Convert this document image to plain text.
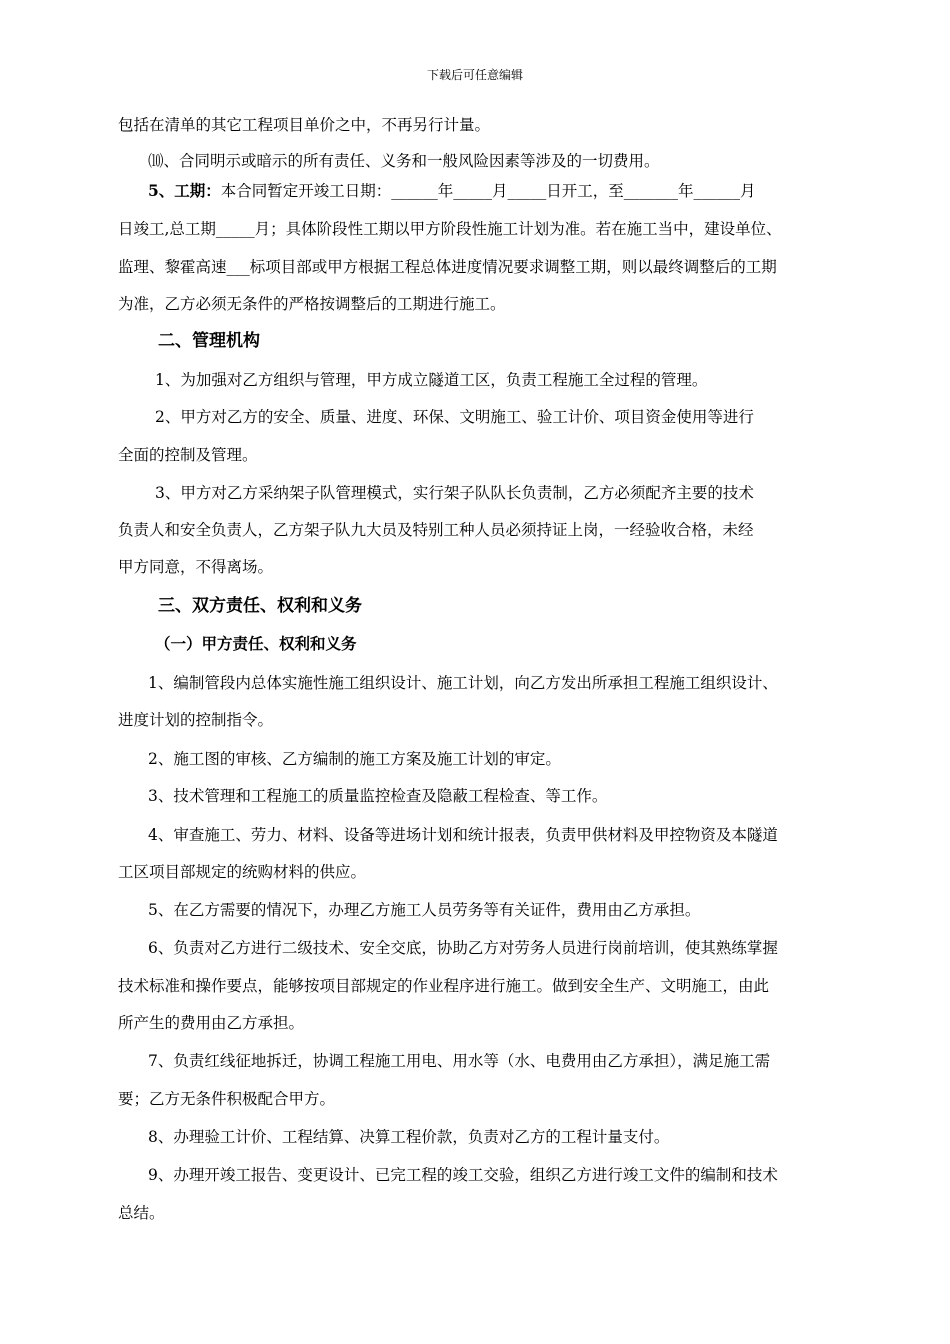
下载后可任意编辑
包括在清单的其它工程项目单价之中，不再另行计量。
⑽、合同明示或暗示的所有责任、义务和一般风险因素等涉及的一切费用。
5、工期：本合同暂定开竣工日期：______年_____月_____日开工，至_______年______月
日竣工,总工期_____月；具体阶段性工期以甲方阶段性施工计划为准。若在施工当中，建设单位、
监理、黎霍高速___标项目部或甲方根据工程总体进度情况要求调整工期，则以最终调整后的工期
为准，乙方必须无条件的严格按调整后的工期进行施工。
二、管理机构
1、为加强对乙方组织与管理，甲方成立隧道工区，负责工程施工全过程的管理。
2、甲方对乙方的安全、质量、进度、环保、文明施工、验工计价、项目资金使用等进行
全面的控制及管理。
3、甲方对乙方采纳架子队管理模式，实行架子队队长负责制，乙方必须配齐主要的技术
负责人和安全负责人，乙方架子队九大员及特别工种人员必须持证上岗，一经验收合格，未经
甲方同意，不得离场。
三、双方责任、权利和义务
（一）甲方责任、权利和义务
1、编制管段内总体实施性施工组织设计、施工计划，向乙方发出所承担工程施工组织设计、
进度计划的控制指令。
2、施工图的审核、乙方编制的施工方案及施工计划的审定。
3、技术管理和工程施工的质量监控检查及隐蔽工程检查、等工作。
4、审查施工、劳力、材料、设备等进场计划和统计报表，负责甲供材料及甲控物资及本隧道
工区项目部规定的统购材料的供应。
5、在乙方需要的情况下，办理乙方施工人员劳务等有关证件，费用由乙方承担。
6、负责对乙方进行二级技术、安全交底，协助乙方对劳务人员进行岗前培训，使其熟练掌握
技术标准和操作要点，能够按项目部规定的作业程序进行施工。做到安全生产、文明施工，由此
所产生的费用由乙方承担。
7、负责红线征地拆迁，协调工程施工用电、用水等（水、电费用由乙方承担），满足施工需
要；乙方无条件积极配合甲方。
8、办理验工计价、工程结算、决算工程价款，负责对乙方的工程计量支付。
9、办理开竣工报告、变更设计、已完工程的竣工交验，组织乙方进行竣工文件的编制和技术
总结。
